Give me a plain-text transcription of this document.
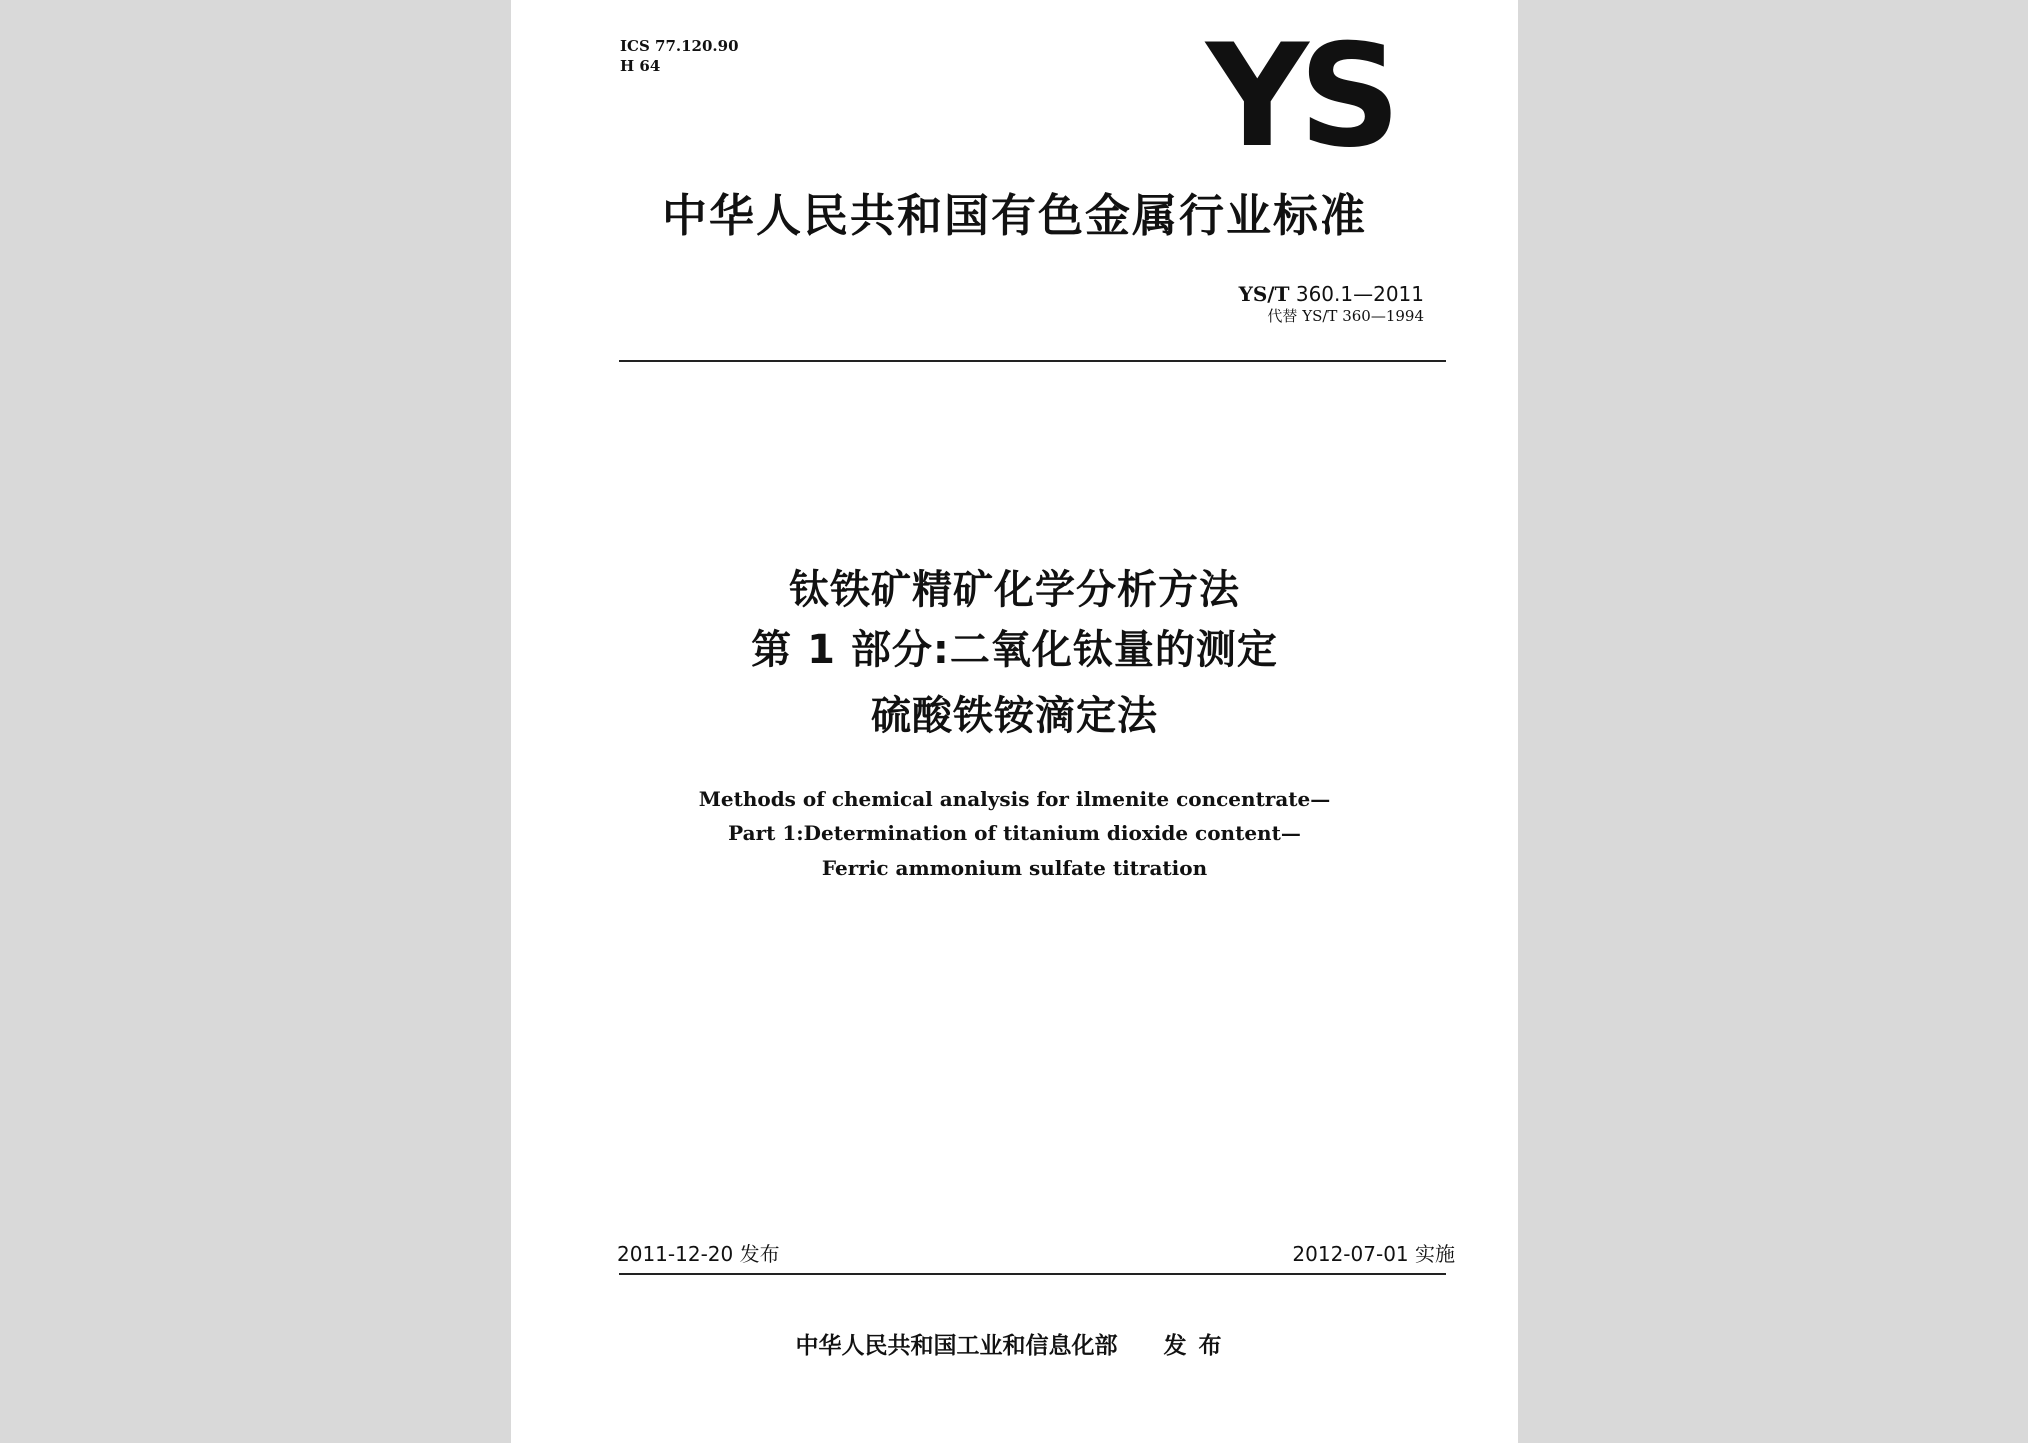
ICS 77.120.90
H 64	YS
中华人民共和国有色金属行业标准
YS/T 360.1—2011
代替 YS/T 360—1994
钛铁矿精矿化学分析方法
第 1 部分:二氧化钛量的测定
硫酸铁铵滴定法
Methods of chemical analysis for ilmenite concentrate—
Part 1:Determination of titanium dioxide content—
Ferric ammonium sulfate titration
2011-12-20 发布	2012-07-01 实施
中华人民共和国工业和信息化部 发布
